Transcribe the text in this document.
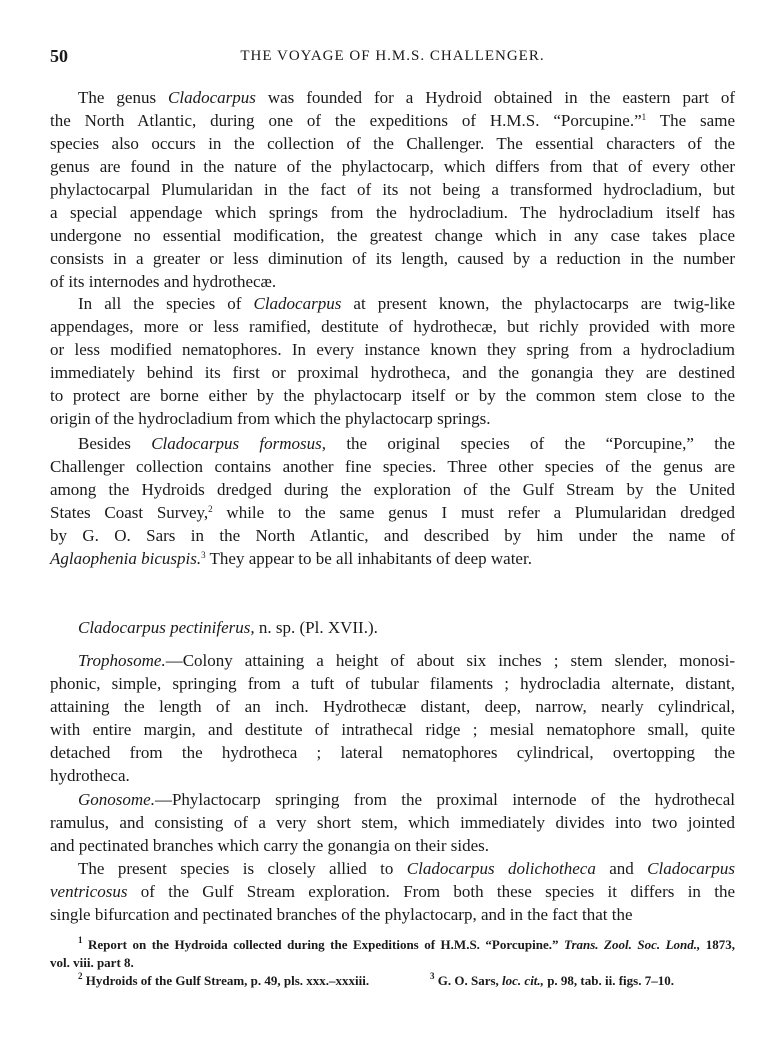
50	THE VOYAGE OF H.M.S. CHALLENGER.
The genus Cladocarpus was founded for a Hydroid obtained in the eastern part of
the North Atlantic, during one of the expeditions of H.M.S. “Porcupine.”$^1$ The same
species also occurs in the collection of the Challenger. The essential characters of the
genus are found in the nature of the phylactocarp, which differs from that of every other
phylactocarpal Plumularidan in the fact of its not being a transformed hydrocladium, but
a special appendage which springs from the hydrocladium. The hydrocladium itself has
undergone no essential modification, the greatest change which in any case takes place
consists in a greater or less diminution of its length, caused by a reduction in the number
of its internodes and hydrothecæ.
In all the species of Cladocarpus at present known, the phylactocarps are twig-like
appendages, more or less ramified, destitute of hydrothecæ, but richly provided with more
or less modified nematophores. In every instance known they spring from a hydrocladium
immediately behind its first or proximal hydrotheca, and the gonangia they are destined
to protect are borne either by the phylactocarp itself or by the common stem close to the
origin of the hydrocladium from which the phylactocarp springs.
Besides Cladocarpus formosus, the original species of the “Porcupine,” the
Challenger collection contains another fine species. Three other species of the genus are
among the Hydroids dredged during the exploration of the Gulf Stream by the United
States Coast Survey,$^2$ while to the same genus I must refer a Plumularidan dredged
by G. O. Sars in the North Atlantic, and described by him under the name of
Aglaophenia bicuspis.$^3$ They appear to be all inhabitants of deep water.
Cladocarpus pectiniferus, n. sp. (Pl. XVII.).
Trophosome.—Colony attaining a height of about six inches ; stem slender, monosi-
phonic, simple, springing from a tuft of tubular filaments ; hydrocladia alternate, distant,
attaining the length of an inch. Hydrothecæ distant, deep, narrow, nearly cylindrical,
with entire margin, and destitute of intrathecal ridge ; mesial nematophore small, quite
detached from the hydrotheca ; lateral nematophores cylindrical, overtopping the
hydrotheca.
Gonosome.—Phylactocarp springing from the proximal internode of the hydrothecal
ramulus, and consisting of a very short stem, which immediately divides into two jointed
and pectinated branches which carry the gonangia on their sides.
The present species is closely allied to Cladocarpus dolichotheca and Cladocarpus
ventricosus of the Gulf Stream exploration. From both these species it differs in the
single bifurcation and pectinated branches of the phylactocarp, and in the fact that the
$^1$ Report on the Hydroida collected during the Expeditions of H.M.S. “Porcupine.” Trans. Zool. Soc. Lond., 1873,
vol. viii. part 8.
$^2$ Hydroids of the Gulf Stream, p. 49, pls. xxx.–xxxiii.	$^3$ G. O. Sars, loc. cit., p. 98, tab. ii. figs. 7–10.
